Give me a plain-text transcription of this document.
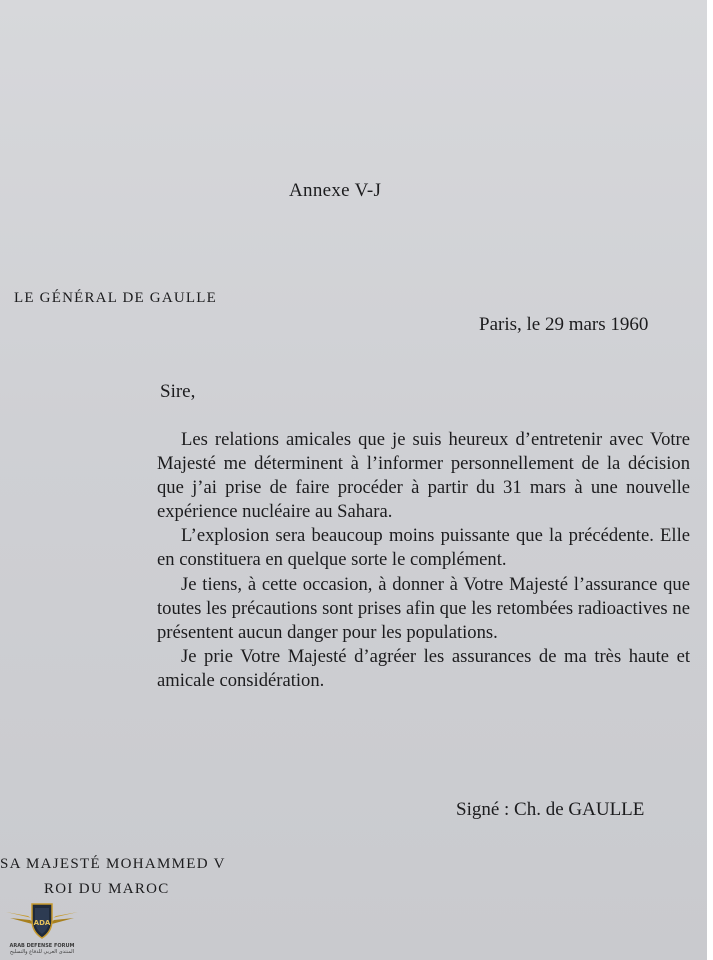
Annexe V-J
LE GÉNÉRAL DE GAULLE
Paris, le 29 mars 1960
Sire,

Les relations amicales que je suis heureux d’entretenir avec Votre Majesté me déterminent à l’informer personnellement de la décision que j’ai prise de faire procéder à partir du 31 mars à une nouvelle expérience nucléaire au Sahara.

L’explosion sera beaucoup moins puissante que la précédente. Elle en constituera en quelque sorte le complément.

Je tiens, à cette occasion, à donner à Votre Majesté l’assurance que toutes les précautions sont prises afin que les retombées radioactives ne présentent aucun danger pour les populations.

Je prie Votre Majesté d’agréer les assurances de ma très haute et amicale considération.

Signé : Ch. de GAULLE
SA MAJESTÉ MOHAMMED V
ROI DU MAROC
ADA
ARAB DEFENSE FORUM
المنتدى العربي للدفاع والتسليح
